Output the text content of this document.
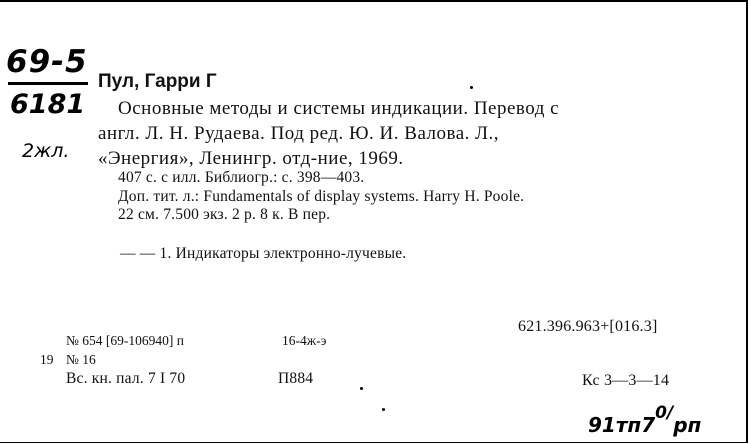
69-5
6181
2жл.
Пул, Гарри Г
Основные методы и системы индикации. Перевод с
англ. Л. Н. Рудаева. Под ред. Ю. И. Валова. Л.,
«Энергия», Ленингр. отд-ние, 1969.
407 с. с илл. Библиогр.: с. 398—403.
Доп. тит. л.: Fundamentals of display systems. Harry H. Poole.
22 см. 7.500 экз. 2 р. 8 к. В пер.
— — 1. Индикаторы электронно-лучевые.
621.396.963+[016.3]
№ 654 [69-106940] п	16-4ж-э
19 № 16
Вс. кн. пал. 7 I 70	П884	Кс 3—3—14
$91тп7^{0/}рп$
